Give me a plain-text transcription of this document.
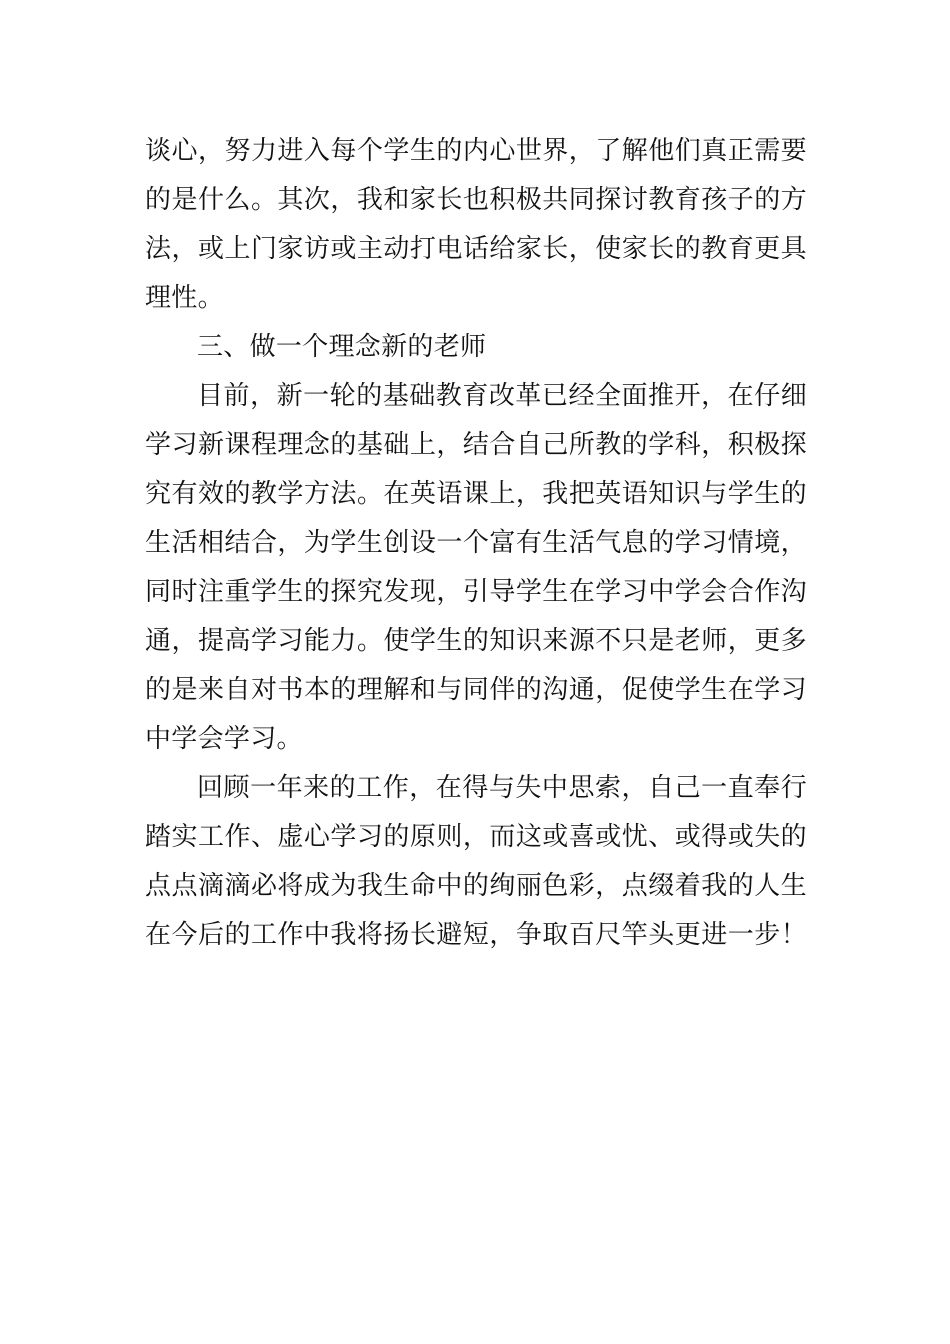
谈心，努力进入每个学生的内心世界，了解他们真正需要
的是什么。其次，我和家长也积极共同探讨教育孩子的方
法，或上门家访或主动打电话给家长，使家长的教育更具
理性。
三、做一个理念新的老师
目前，新一轮的基础教育改革已经全面推开，在仔细
学习新课程理念的基础上，结合自己所教的学科，积极探
究有效的教学方法。在英语课上，我把英语知识与学生的
生活相结合，为学生创设一个富有生活气息的学习情境，
同时注重学生的探究发现，引导学生在学习中学会合作沟
通，提高学习能力。使学生的知识来源不只是老师，更多
的是来自对书本的理解和与同伴的沟通，促使学生在学习
中学会学习。
回顾一年来的工作，在得与失中思索，自己一直奉行
踏实工作、虚心学习的原则，而这或喜或忧、或得或失的
点点滴滴必将成为我生命中的绚丽色彩，点缀着我的人生
在今后的工作中我将扬长避短，争取百尺竿头更进一步！
